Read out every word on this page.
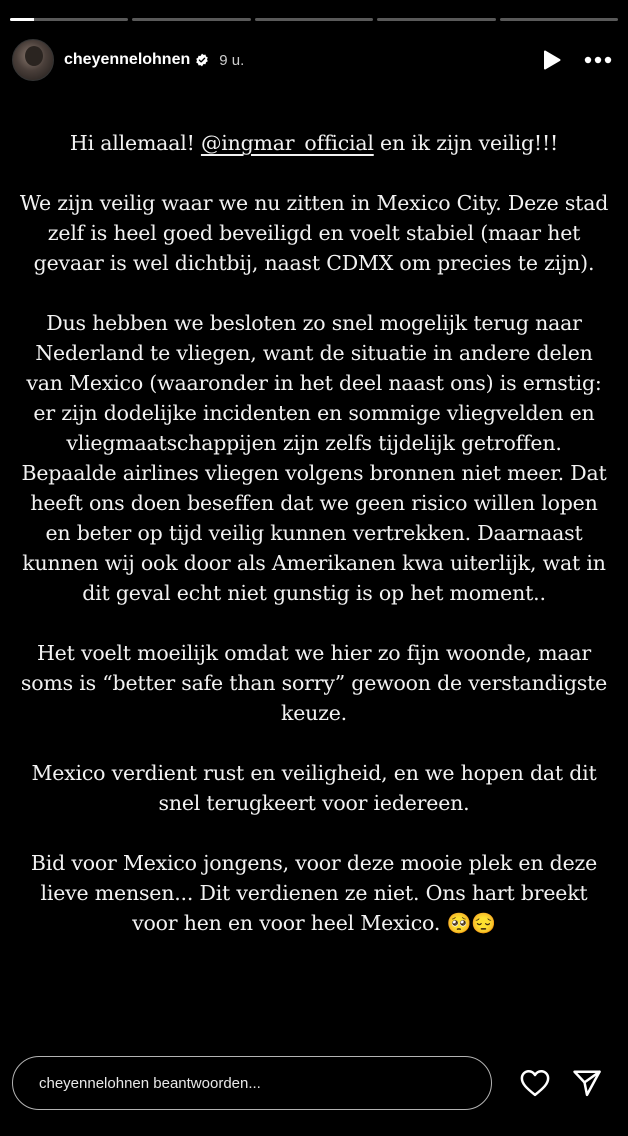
cheyennelohnen 9 u.

Hi allemaal! @ingmar_official en ik zijn veilig!!!

We zijn veilig waar we nu zitten in Mexico City. Deze stad zelf is heel goed beveiligd en voelt stabiel (maar het gevaar is wel dichtbij, naast CDMX om precies te zijn).

Dus hebben we besloten zo snel mogelijk terug naar Nederland te vliegen, want de situatie in andere delen van Mexico (waaronder in het deel naast ons) is ernstig: er zijn dodelijke incidenten en sommige vliegvelden en vliegmaatschappijen zijn zelfs tijdelijk getroffen. Bepaalde airlines vliegen volgens bronnen niet meer. Dat heeft ons doen beseffen dat we geen risico willen lopen en beter op tijd veilig kunnen vertrekken. Daarnaast kunnen wij ook door als Amerikanen kwa uiterlijk, wat in dit geval echt niet gunstig is op het moment..

Het voelt moeilijk omdat we hier zo fijn woonde, maar soms is “better safe than sorry” gewoon de verstandigste keuze.

Mexico verdient rust en veiligheid, en we hopen dat dit snel terugkeert voor iedereen.

Bid voor Mexico jongens, voor deze mooie plek en deze lieve mensen... Dit verdienen ze niet. Ons hart breekt voor hen en voor heel Mexico. 🥺😔

cheyennelohnen beantwoorden...
